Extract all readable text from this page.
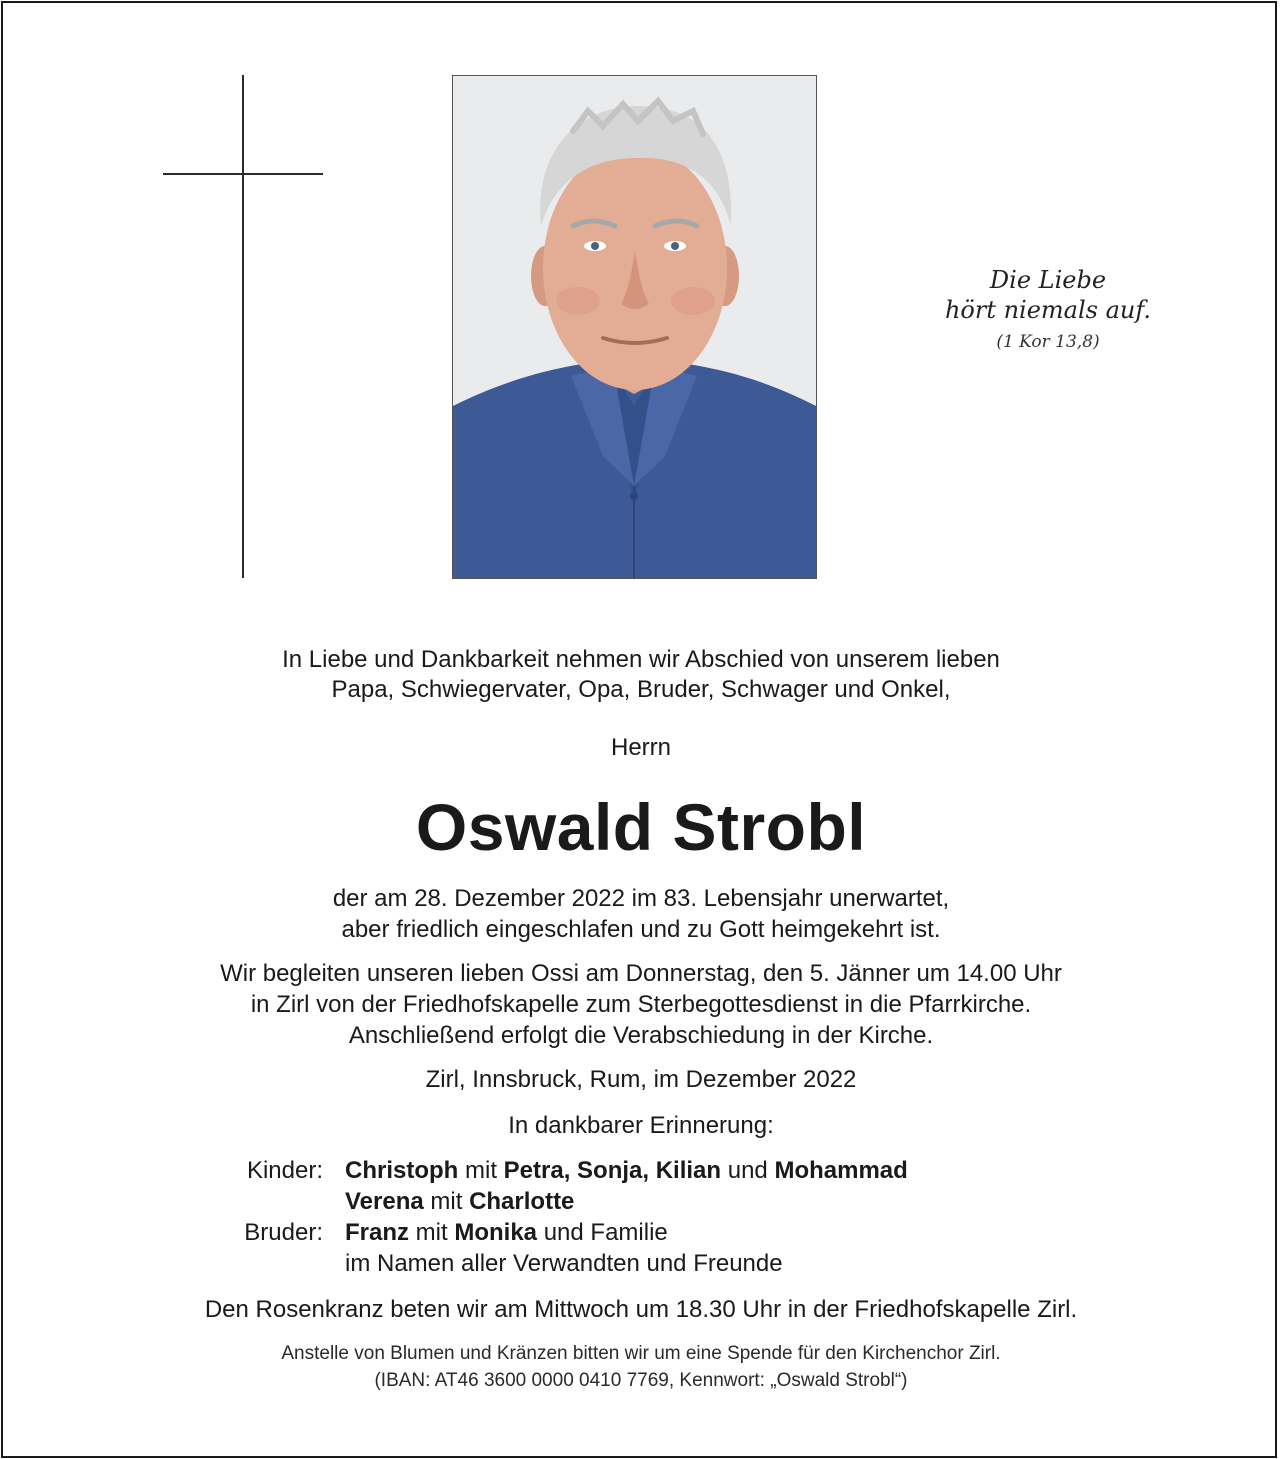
Die Liebe
hört niemals auf.
(1 Kor 13,8)
In Liebe und Dankbarkeit nehmen wir Abschied von unserem lieben
Papa, Schwiegervater, Opa, Bruder, Schwager und Onkel,
Herrn
Oswald Strobl
der am 28. Dezember 2022 im 83. Lebensjahr unerwartet,
aber friedlich eingeschlafen und zu Gott heimgekehrt ist.
Wir begleiten unseren lieben Ossi am Donnerstag, den 5. Jänner um 14.00 Uhr
in Zirl von der Friedhofskapelle zum Sterbegottesdienst in die Pfarrkirche.
Anschließend erfolgt die Verabschiedung in der Kirche.
Zirl, Innsbruck, Rum, im Dezember 2022
In dankbarer Erinnerung:
Kinder: Christoph mit Petra, Sonja, Kilian und Mohammad
Verena mit Charlotte
Bruder: Franz mit Monika und Familie
im Namen aller Verwandten und Freunde
Den Rosenkranz beten wir am Mittwoch um 18.30 Uhr in der Friedhofskapelle Zirl.
Anstelle von Blumen und Kränzen bitten wir um eine Spende für den Kirchenchor Zirl.
(IBAN: AT46 3600 0000 0410 7769, Kennwort: „Oswald Strobl“)
